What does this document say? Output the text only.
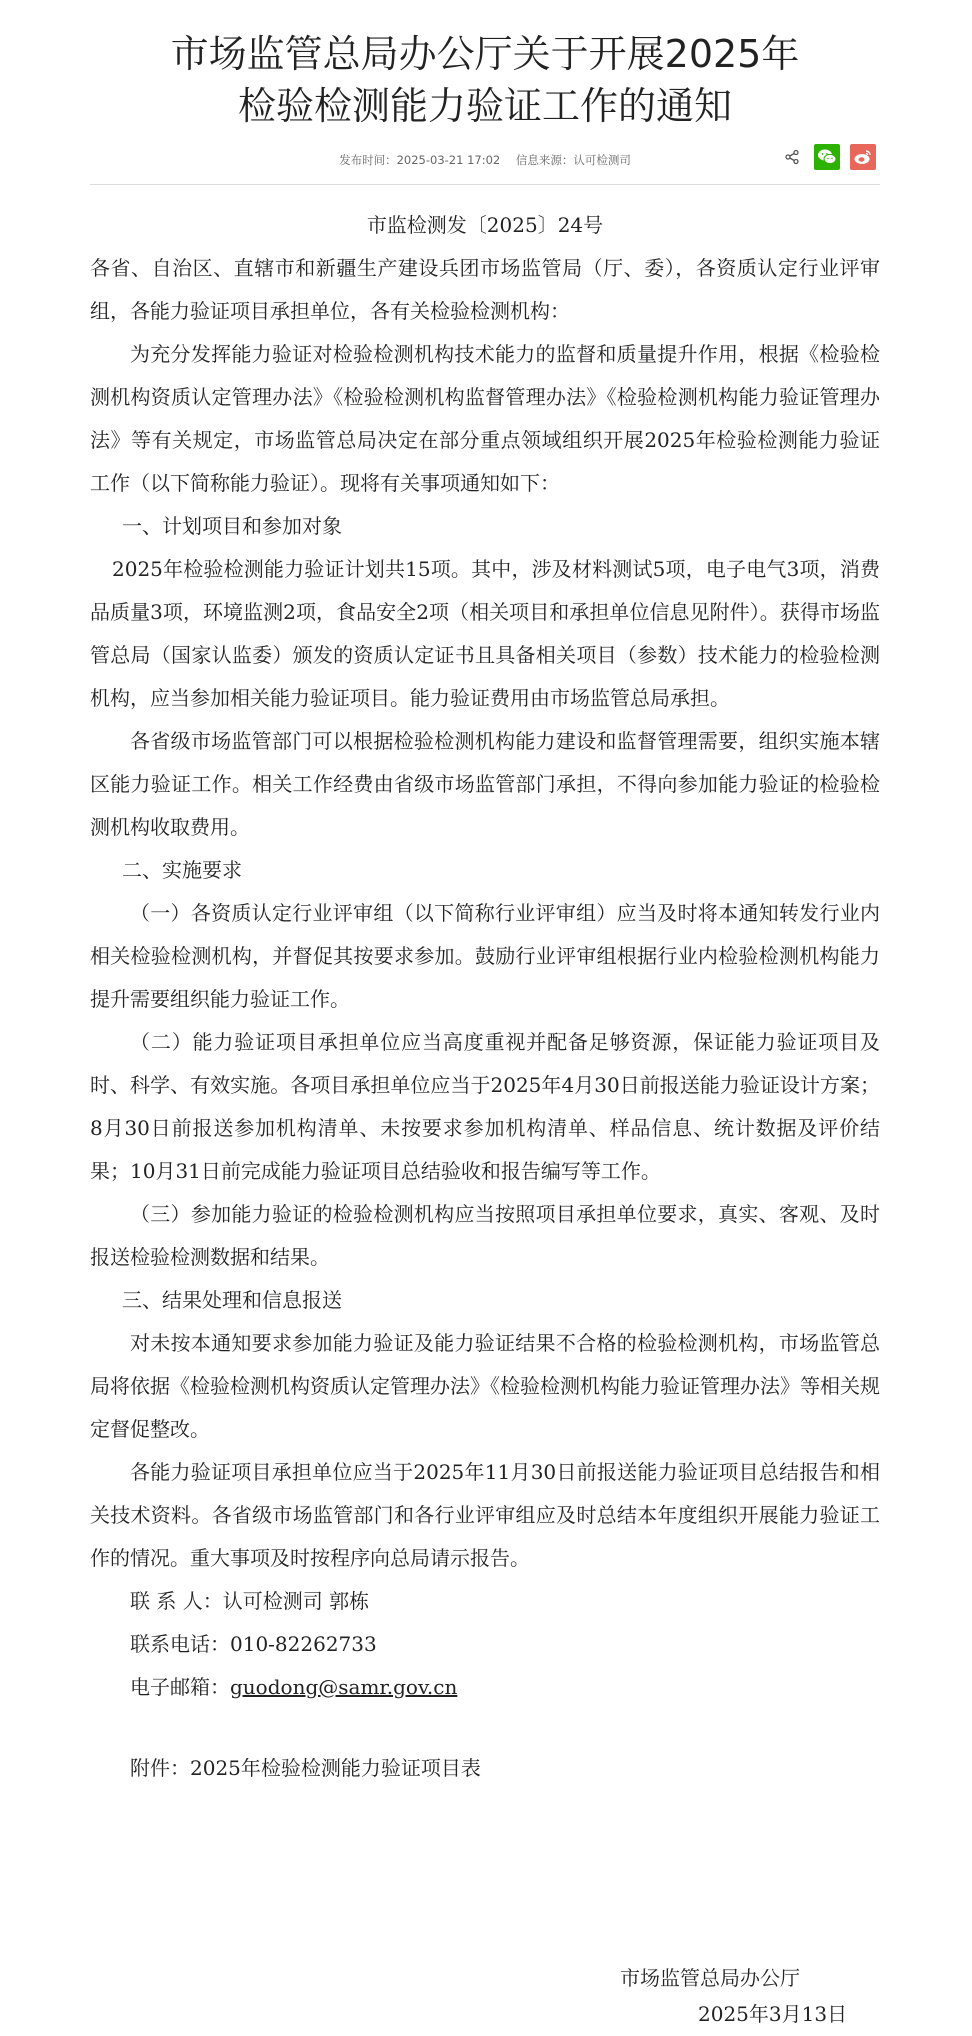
市场监管总局办公厅关于开展2025年
检验检测能力验证工作的通知
发布时间：2025-03-21 17:02 信息来源：认可检测司
市监检测发〔2025〕24号

各省、自治区、直辖市和新疆生产建设兵团市场监管局（厅、委），各资质认定行业评审组，各能力验证项目承担单位，各有关检验检测机构：

为充分发挥能力验证对检验检测机构技术能力的监督和质量提升作用，根据《检验检测机构资质认定管理办法》《检验检测机构监督管理办法》《检验检测机构能力验证管理办法》等有关规定，市场监管总局决定在部分重点领域组织开展2025年检验检测能力验证工作（以下简称能力验证）。现将有关事项通知如下：

一、计划项目和参加对象

2025年检验检测能力验证计划共15项。其中，涉及材料测试5项，电子电气3项，消费品质量3项，环境监测2项，食品安全2项（相关项目和承担单位信息见附件）。获得市场监管总局（国家认监委）颁发的资质认定证书且具备相关项目（参数）技术能力的检验检测机构，应当参加相关能力验证项目。能力验证费用由市场监管总局承担。

各省级市场监管部门可以根据检验检测机构能力建设和监督管理需要，组织实施本辖区能力验证工作。相关工作经费由省级市场监管部门承担，不得向参加能力验证的检验检测机构收取费用。

二、实施要求

（一）各资质认定行业评审组（以下简称行业评审组）应当及时将本通知转发行业内相关检验检测机构，并督促其按要求参加。鼓励行业评审组根据行业内检验检测机构能力提升需要组织能力验证工作。

（二）能力验证项目承担单位应当高度重视并配备足够资源，保证能力验证项目及时、科学、有效实施。各项目承担单位应当于2025年4月30日前报送能力验证设计方案；8月30日前报送参加机构清单、未按要求参加机构清单、样品信息、统计数据及评价结果；10月31日前完成能力验证项目总结验收和报告编写等工作。

（三）参加能力验证的检验检测机构应当按照项目承担单位要求，真实、客观、及时报送检验检测数据和结果。

三、结果处理和信息报送

对未按本通知要求参加能力验证及能力验证结果不合格的检验检测机构，市场监管总局将依据《检验检测机构资质认定管理办法》《检验检测机构能力验证管理办法》等相关规定督促整改。

各能力验证项目承担单位应当于2025年11月30日前报送能力验证项目总结报告和相关技术资料。各省级市场监管部门和各行业评审组应及时总结本年度组织开展能力验证工作的情况。重大事项及时按程序向总局请示报告。

联 系 人：认可检测司 郭栋

联系电话：010-82262733

电子邮箱：guodong@samr.gov.cn

附件：2025年检验检测能力验证项目表

市场监管总局办公厅
2025年3月13日
